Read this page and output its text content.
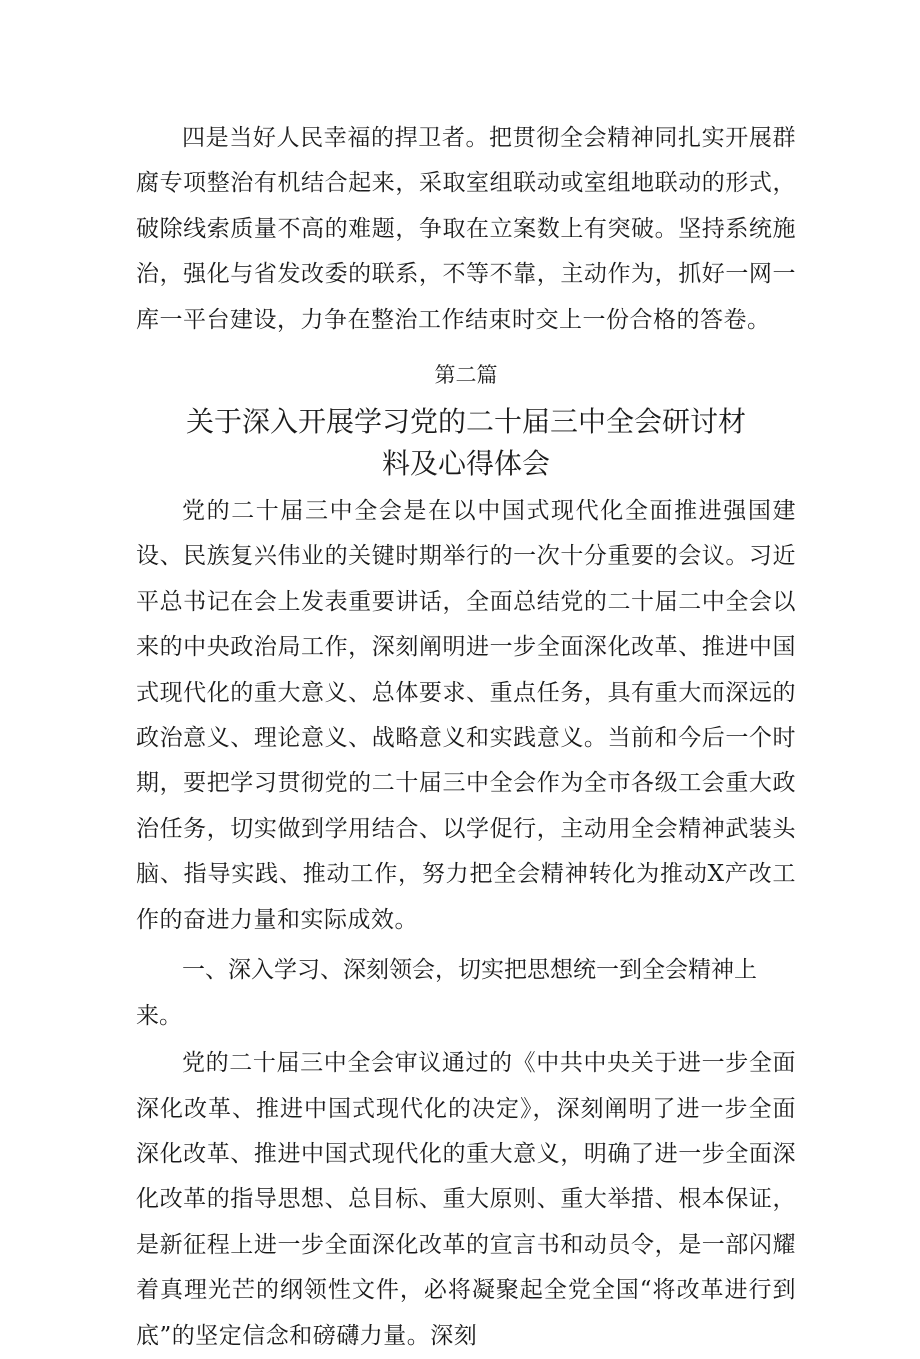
四是当好人民幸福的捍卫者。把贯彻全会精神同扎实开展群腐专项整治有机结合起来，采取室组联动或室组地联动的形式，破除线索质量不高的难题，争取在立案数上有突破。坚持系统施治，强化与省发改委的联系，不等不靠，主动作为，抓好一网一库一平台建设，力争在整治工作结束时交上一份合格的答卷。

第二篇

关于深入开展学习党的二十届三中全会研讨材料及心得体会

党的二十届三中全会是在以中国式现代化全面推进强国建设、民族复兴伟业的关键时期举行的一次十分重要的会议。习近平总书记在会上发表重要讲话，全面总结党的二十届二中全会以来的中央政治局工作，深刻阐明进一步全面深化改革、推进中国式现代化的重大意义、总体要求、重点任务，具有重大而深远的政治意义、理论意义、战略意义和实践意义。当前和今后一个时期，要把学习贯彻党的二十届三中全会作为全市各级工会重大政治任务，切实做到学用结合、以学促行，主动用全会精神武装头脑、指导实践、推动工作，努力把全会精神转化为推动X产改工作的奋进力量和实际成效。

一、深入学习、深刻领会，切实把思想统一到全会精神上来。

党的二十届三中全会审议通过的《中共中央关于进一步全面深化改革、推进中国式现代化的决定》，深刻阐明了进一步全面深化改革、推进中国式现代化的重大意义，明确了进一步全面深化改革的指导思想、总目标、重大原则、重大举措、根本保证，是新征程上进一步全面深化改革的宣言书和动员令，是一部闪耀着真理光芒的纲领性文件，必将凝聚起全党全国“将改革进行到底”的坚定信念和磅礴力量。深刻
